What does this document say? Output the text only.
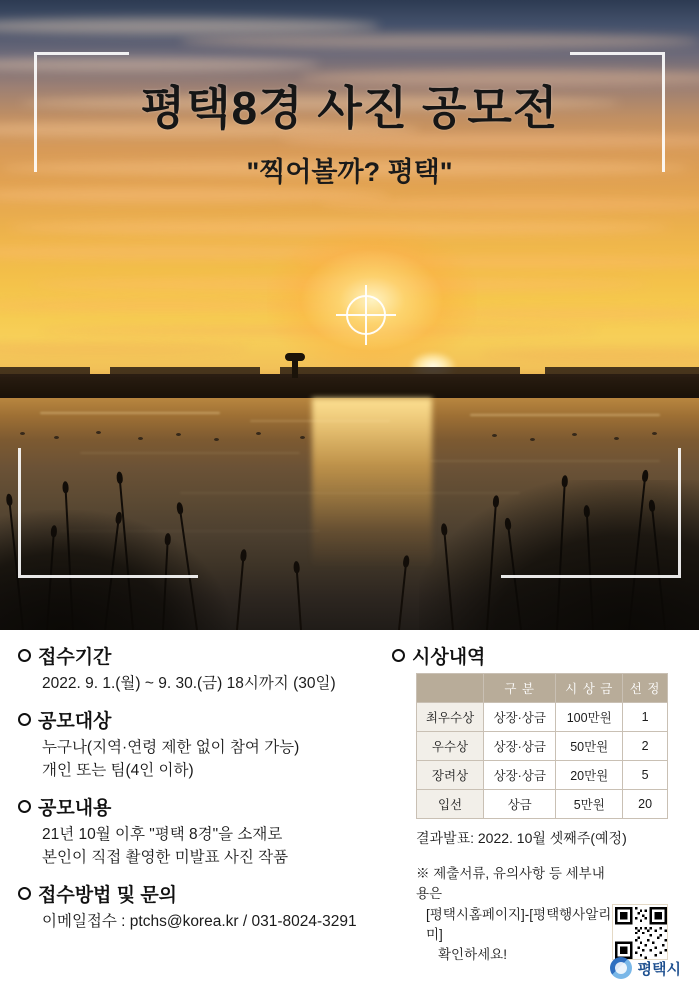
평택8경 사진 공모전
"찍어볼까? 평택"
접수기간
2022. 9. 1.(월) ~ 9. 30.(금) 18시까지 (30일)
공모대상
누구나(지역·연령 제한 없이 참여 가능)
개인 또는 팀(4인 이하)
공모내용
21년 10월 이후 "평택 8경"을 소재로
본인이 직접 촬영한 미발표 사진 작품
접수방법 및 문의
이메일접수 : ptchs@korea.kr / 031-8024-3291
시상내역
	구 분	시 상 금	선 정
최우수상	상장·상금	100만원	1
우수상	상장·상금	50만원	2
장려상	상장·상금	20만원	5
입선	상금	5만원	20
결과발표: 2022. 10월 셋째주(예정)
※ 제출서류, 유의사항 등 세부내용은
[평택시홈페이지]-[평택행사알리미]
확인하세요!
평택시
